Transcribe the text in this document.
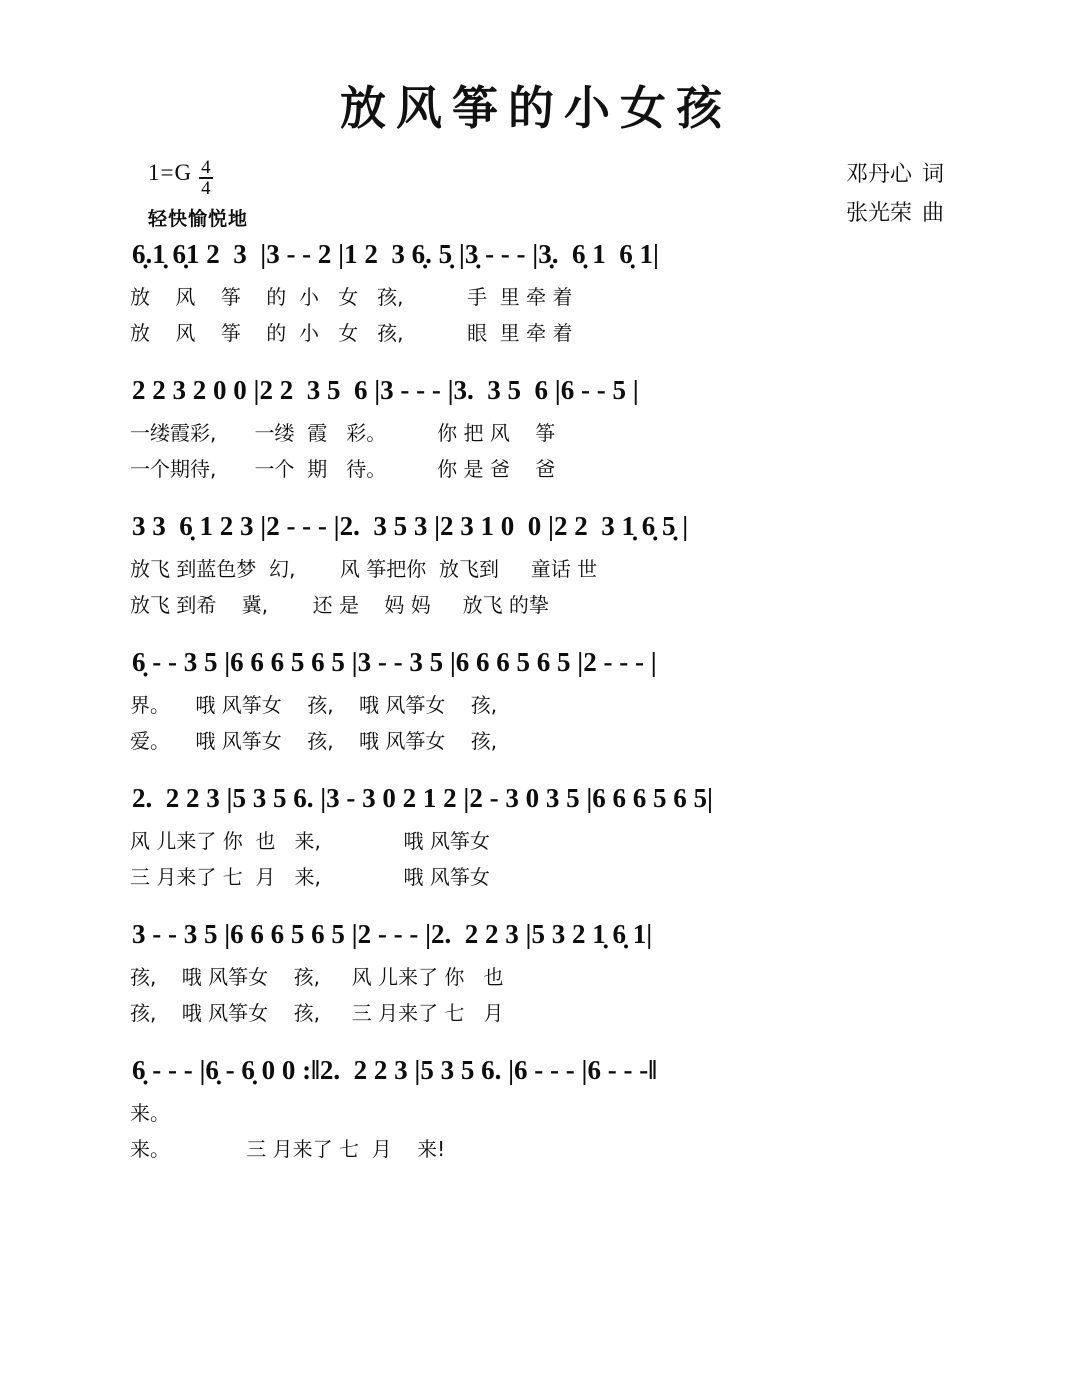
放风筝的小女孩
$1=G \frac{4}{4}$
轻快愉悦地
邓丹心 词
张光荣 曲
6̣.1̣ 6̣1 2  3  |3 - - 2 |1 2  3 6̣. 5̣ |3̣ - - - |3̣.  6̣ 1  6̣ 1|
放    风    筝    的  小   女   孩,          手  里 牵 着
放    风    筝    的  小   女   孩,          眼  里 牵 着
2 2 3 2 0 0 |2 2  3 5  6 |3 - - - |3.  3 5  6 |6 - - 5 |
一缕霞彩,      一缕  霞   彩。        你 把 风    筝
一个期待,      一个  期   待。        你 是 爸    爸
3 3  6̣ 1 2 3 |2 - - - |2.  3 5 3 |2 3 1 0  0 |2 2  3 1̣ 6̣ 5̣ |
放飞 到蓝色梦  幻,       风 筝把你  放飞到     童话 世
放飞 到希    冀,       还 是    妈 妈     放飞 的挚
6̣ - - 3 5 |6 6 6 5 6 5 |3 - - 3 5 |6 6 6 5 6 5 |2 - - - |
界。    哦 风筝女    孩,    哦 风筝女    孩,
爱。    哦 风筝女    孩,    哦 风筝女    孩,
2.  2 2 3 |5 3 5 6. |3 - 3 0 2 1 2 |2 - 3 0 3 5 |6 6 6 5 6 5|
风 儿来了 你  也   来,             哦 风筝女
三 月来了 七  月   来,             哦 风筝女
3 - - 3 5 |6 6 6 5 6 5 |2 - - - |2.  2 2 3 |5 3 2 1̣ 6̣ 1|
孩,    哦 风筝女    孩,     风 儿来了 你   也
孩,    哦 风筝女    孩,     三 月来了 七   月
6̣ - - - |6̣ - 6̣ 0 0 :‖2.  2 2 3 |5 3 5 6. |6 - - - |6 - - -‖
来。
来。            三 月来了 七  月    来!
